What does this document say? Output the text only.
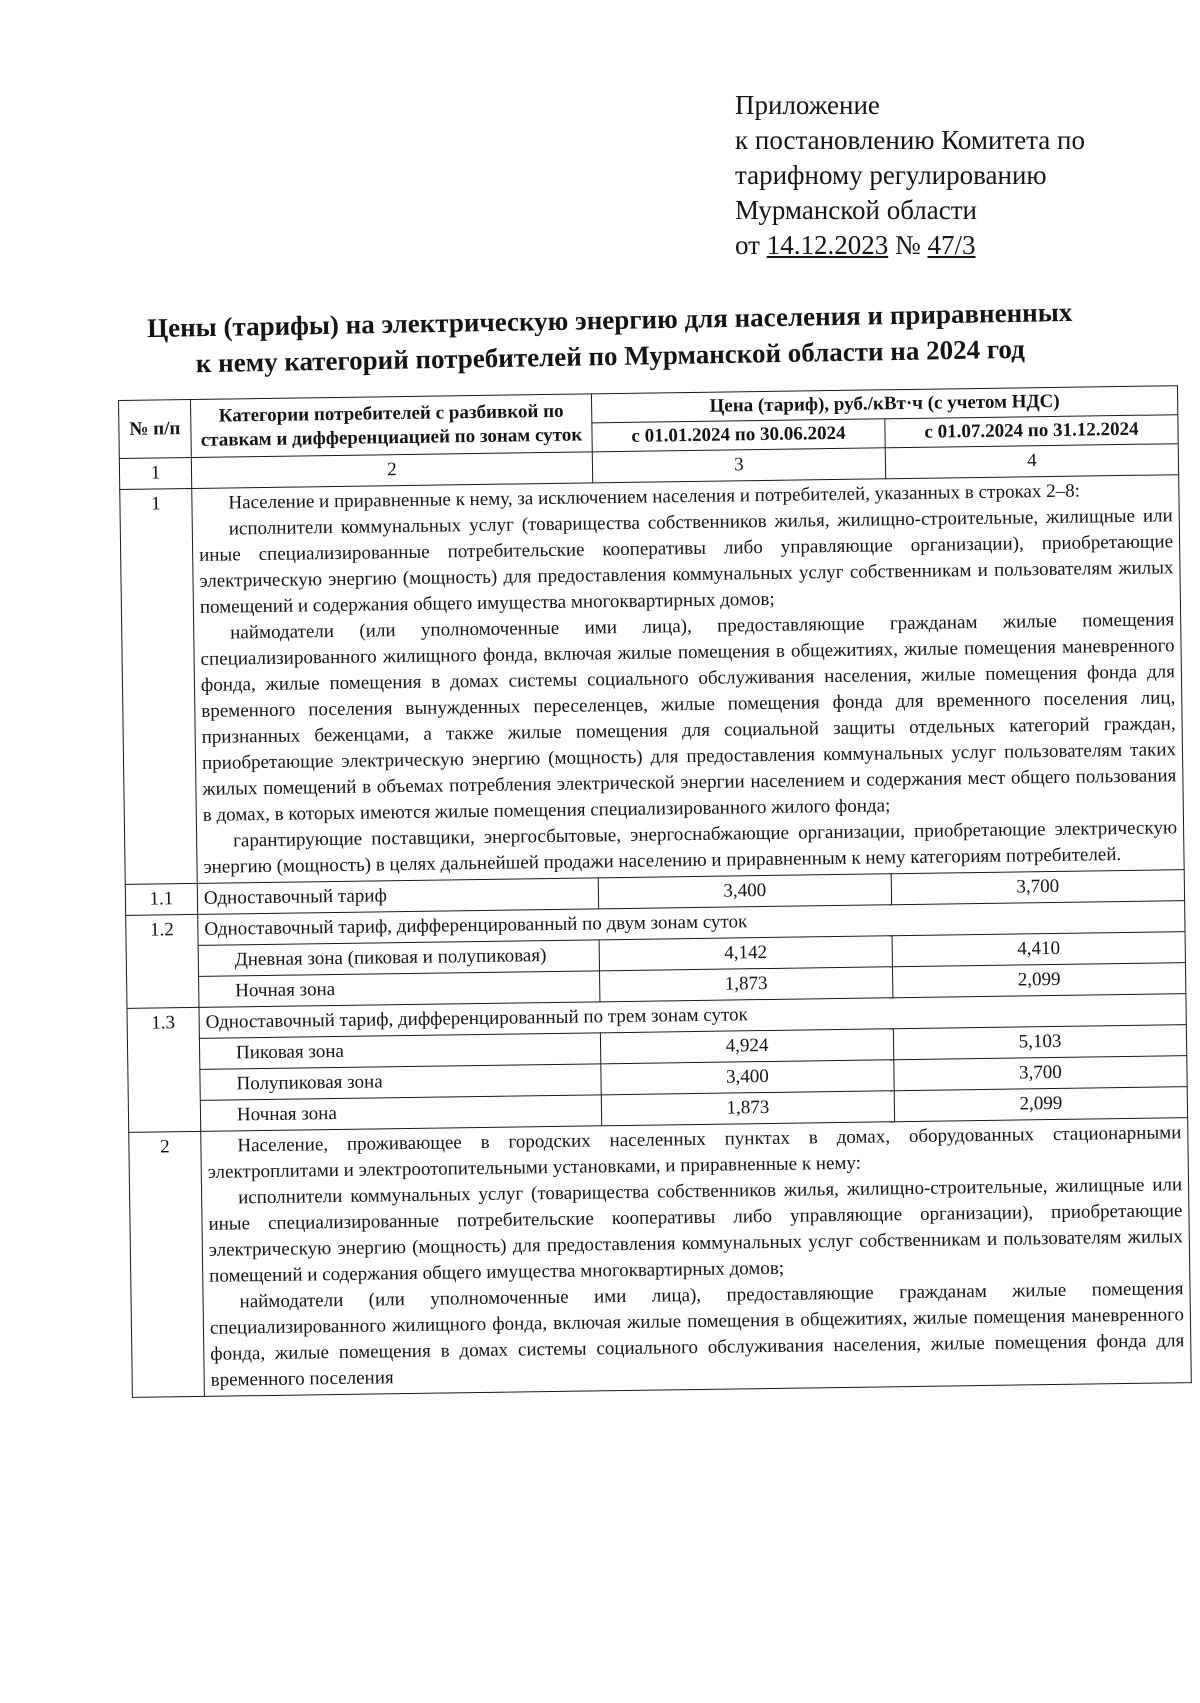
Приложение
к постановлению Комитета по
тарифному регулированию
Мурманской области
от 14.12.2023 № 47/3
Цены (тарифы) на электрическую энергию для населения и приравненных
к нему категорий потребителей по Мурманской области на 2024 год
№ п/п	Категории потребителей с разбивкой по ставкам и дифференциацией по зонам суток	Цена (тариф), руб./кВт·ч (с учетом НДС)	
		с 01.01.2024 по 30.06.2024	с 01.07.2024 по 31.12.2024
1	2	3	4
1	Население и приравненные к нему, за исключением населения и потребителей, указанных в строках 2–8:

исполнители коммунальных услуг (товарищества собственников жилья, жилищно-строительные, жилищные или иные специализированные потребительские кооперативы либо управляющие организации), приобретающие электрическую энергию (мощность) для предоставления коммунальных услуг собственникам и пользователям жилых помещений и содержания общего имущества многоквартирных домов;

наймодатели (или уполномоченные ими лица), предоставляющие гражданам жилые помещения специализированного жилищного фонда, включая жилые помещения в общежитиях, жилые помещения маневренного фонда, жилые помещения в домах системы социального обслуживания населения, жилые помещения фонда для временного поселения вынужденных переселенцев, жилые помещения фонда для временного поселения лиц, признанных беженцами, а также жилые помещения для социальной защиты отдельных категорий граждан, приобретающие электрическую энергию (мощность) для предоставления коммунальных услуг пользователям таких жилых помещений в объемах потребления электрической энергии населением и содержания мест общего пользования в домах, в которых имеются жилые помещения специализированного жилого фонда;

гарантирующие поставщики, энергосбытовые, энергоснабжающие организации, приобретающие электрическую энергию (мощность) в целях дальнейшей продажи населению и приравненным к нему категориям потребителей.		

1.1	Одноставочный тариф	3,400	3,700
1.2	Одноставочный тариф, дифференцированный по двум зонам суток		
	Дневная зона (пиковая и полупиковая)	4,142	4,410
	Ночная зона	1,873	2,099
1.3	Одноставочный тариф, дифференцированный по трем зонам суток		
	Пиковая зона	4,924	5,103
	Полупиковая зона	3,400	3,700
	Ночная зона	1,873	2,099
2	Население, проживающее в городских населенных пунктах в домах, оборудованных стационарными электроплитами и электроотопительными установками, и приравненные к нему:

исполнители коммунальных услуг (товарищества собственников жилья, жилищно-строительные, жилищные или иные специализированные потребительские кооперативы либо управляющие организации), приобретающие электрическую энергию (мощность) для предоставления коммунальных услуг собственникам и пользователям жилых помещений и содержания общего имущества многоквартирных домов;

наймодатели (или уполномоченные ими лица), предоставляющие гражданам жилые помещения специализированного жилищного фонда, включая жилые помещения в общежитиях, жилые помещения маневренного фонда, жилые помещения в домах системы социального обслуживания населения, жилые помещения фонда для временного поселения		
